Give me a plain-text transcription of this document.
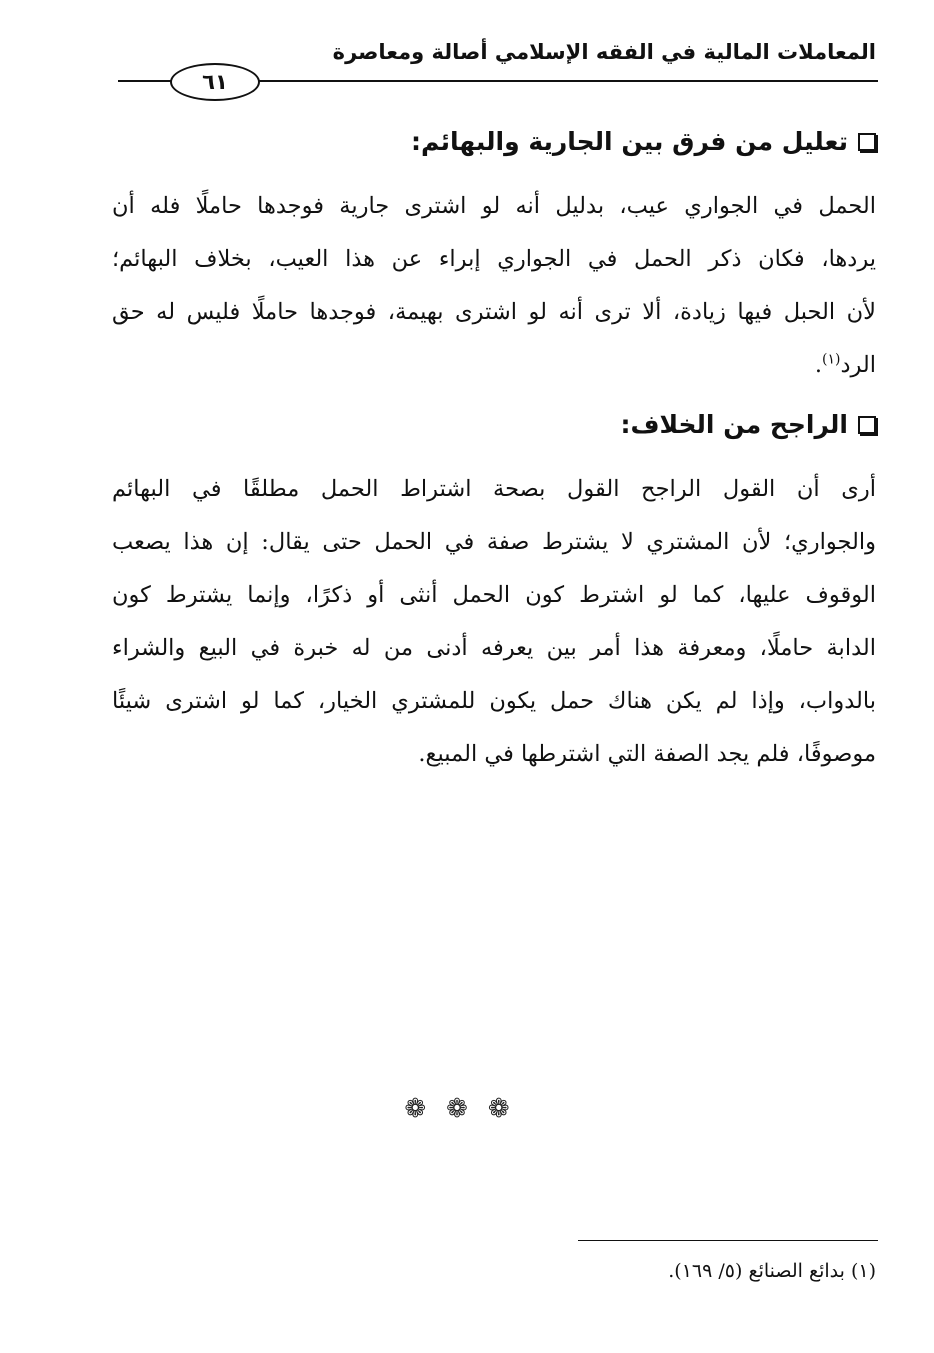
المعاملات المالية في الفقه الإسلامي أصالة ومعاصرة
٦١
تعليل من فرق بين الجارية والبهائم:

الحمل في الجواري عيب، بدليل أنه لو اشترى جارية فوجدها حاملًا فله أن
يردها، فكان ذكر الحمل في الجواري إبراء عن هذا العيب، بخلاف البهائم؛
لأن الحبل فيها زيادة، ألا ترى أنه لو اشترى بهيمة، فوجدها حاملًا فليس له حق
الرد$^{(١)}$.

الراجح من الخلاف:

أرى أن القول الراجح القول بصحة اشتراط الحمل مطلقًا في البهائم
والجواري؛ لأن المشتري لا يشترط صفة في الحمل حتى يقال: إن هذا يصعب
الوقوف عليها، كما لو اشترط كون الحمل أنثى أو ذكرًا، وإنما يشترط كون
الدابة حاملًا، ومعرفة هذا أمر بين يعرفه أدنى من له خبرة في البيع والشراء
بالدواب، وإذا لم يكن هناك حمل يكون للمشتري الخيار، كما لو اشترى شيئًا
موصوفًا، فلم يجد الصفة التي اشترطها في المبيع.

❁❁❁
(١) بدائع الصنائع (٥/ ١٦٩).
